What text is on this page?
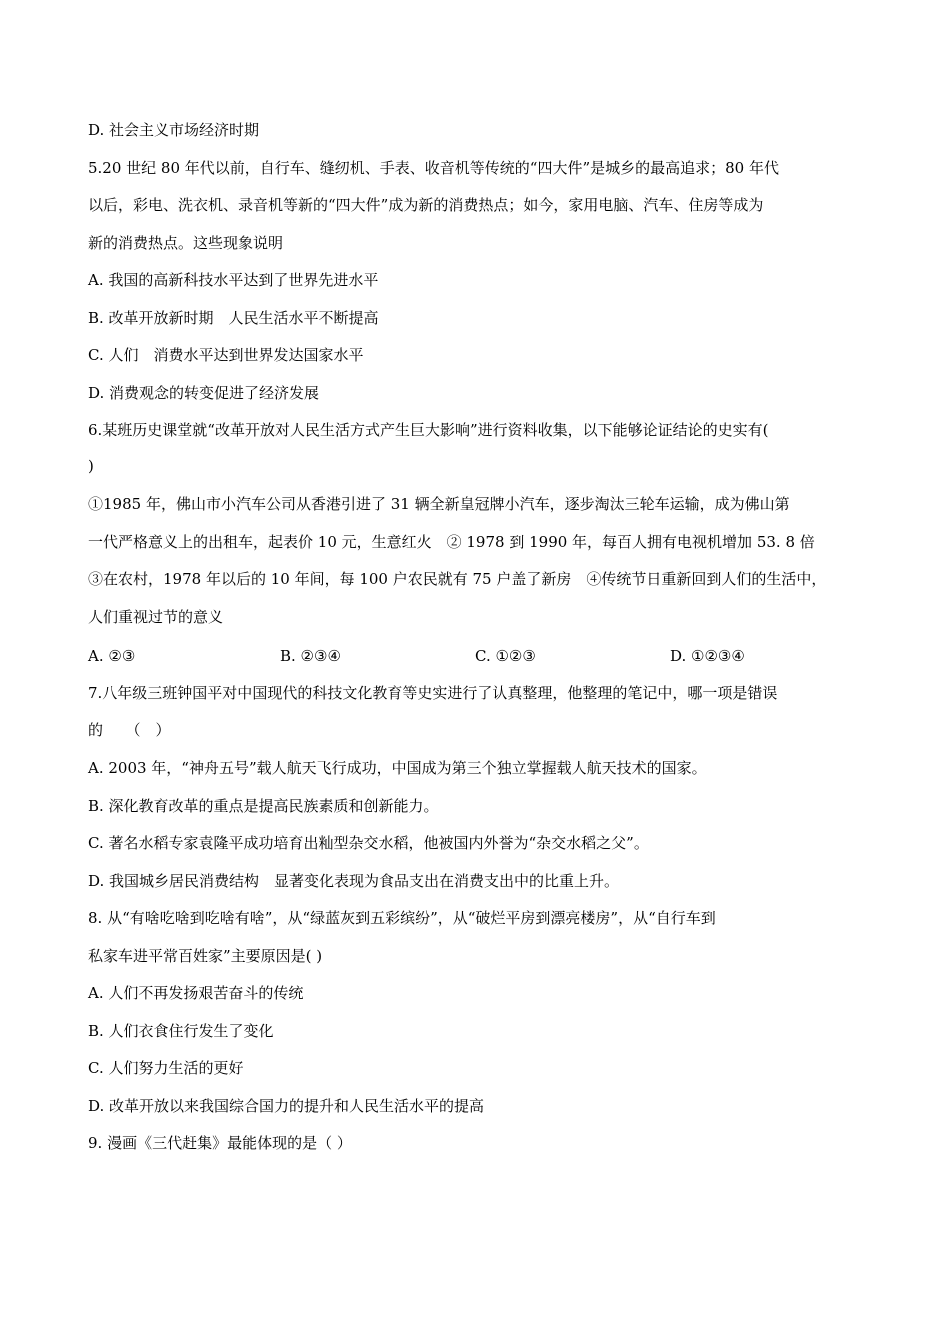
D. 社会主义市场经济时期
5.20 世纪 80 年代以前，自行车、缝纫机、手表、收音机等传统的“四大件”是城乡的最高追求；80 年代
以后，彩电、洗衣机、录音机等新的“四大件”成为新的消费热点；如今，家用电脑、汽车、住房等成为
新的消费热点。这些现象说明
A. 我国的高新科技水平达到了世界先进水平
B. 改革开放新时期　人民生活水平不断提高
C. 人们　消费水平达到世界发达国家水平
D. 消费观念的转变促进了经济发展
6.某班历史课堂就“改革开放对人民生活方式产生巨大影响”进行资料收集，以下能够论证结论的史实有(
)
①1985 年，佛山市小汽车公司从香港引进了 31 辆全新皇冠牌小汽车，逐步淘汰三轮车运输，成为佛山第
一代严格意义上的出租车，起表价 10 元，生意红火　② 1978 到 1990 年，每百人拥有电视机增加 53. 8 倍
③在农村，1978 年以后的 10 年间，每 100 户农民就有 75 户盖了新房　④传统节日重新回到人们的生活中，
人们重视过节的意义
A. ②③	B. ②③④	C. ①②③	D. ①②③④
7.八年级三班钟国平对中国现代的科技文化教育等史实进行了认真整理，他整理的笔记中，哪一项是错误
的　　（　）
A. 2003 年，“神舟五号”载人航天飞行成功，中国成为第三个独立掌握载人航天技术的国家。
B. 深化教育改革的重点是提高民族素质和创新能力。
C. 著名水稻专家袁隆平成功培育出籼型杂交水稻，他被国内外誉为“杂交水稻之父”。
D. 我国城乡居民消费结构　显著变化表现为食品支出在消费支出中的比重上升。
8. 从“有啥吃啥到吃啥有啥”，从“绿蓝灰到五彩缤纷”，从“破烂平房到漂亮楼房”，从“自行车到
私家车进平常百姓家”主要原因是( )
A. 人们不再发扬艰苦奋斗的传统
B. 人们衣食住行发生了变化
C. 人们努力生活的更好
D. 改革开放以来我国综合国力的提升和人民生活水平的提高
9. 漫画《三代赶集》最能体现的是（ ）
